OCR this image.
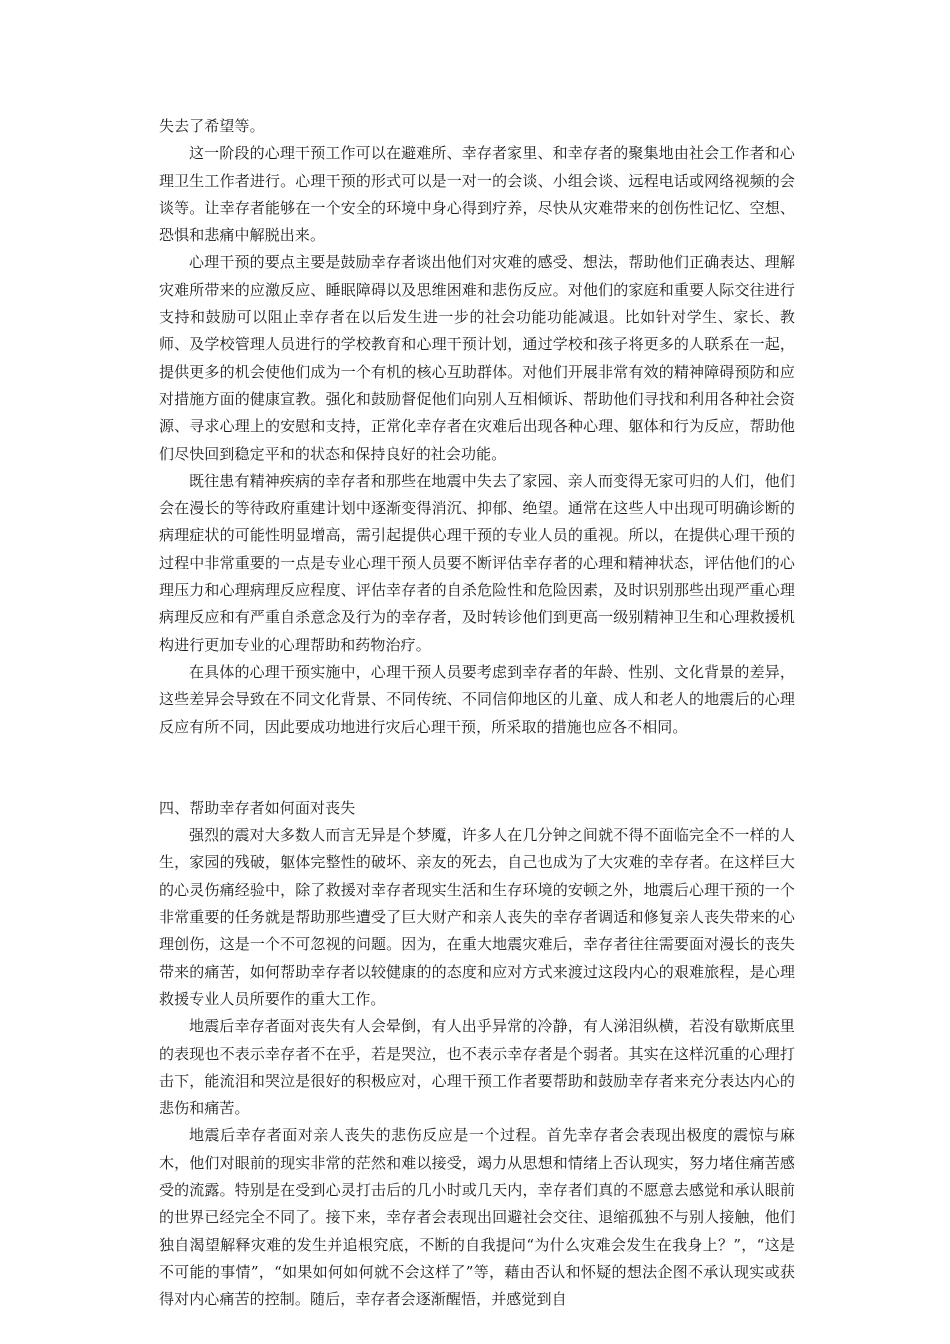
失去了希望等。

这一阶段的心理干预工作可以在避难所、幸存者家里、和幸存者的聚集地由社会工作者和心理卫生工作者进行。心理干预的形式可以是一对一的会谈、小组会谈、远程电话或网络视频的会谈等。让幸存者能够在一个安全的环境中身心得到疗养，尽快从灾难带来的创伤性记忆、空想、恐惧和悲痛中解脱出来。

心理干预的要点主要是鼓励幸存者谈出他们对灾难的感受、想法，帮助他们正确表达、理解灾难所带来的应激反应、睡眠障碍以及思维困难和悲伤反应。对他们的家庭和重要人际交往进行支持和鼓励可以阻止幸存者在以后发生进一步的社会功能功能减退。比如针对学生、家长、教师、及学校管理人员进行的学校教育和心理干预计划，通过学校和孩子将更多的人联系在一起，提供更多的机会使他们成为一个有机的核心互助群体。对他们开展非常有效的精神障碍预防和应对措施方面的健康宣教。强化和鼓励督促他们向别人互相倾诉、帮助他们寻找和利用各种社会资源、寻求心理上的安慰和支持，正常化幸存者在灾难后出现各种心理、躯体和行为反应，帮助他们尽快回到稳定平和的状态和保持良好的社会功能。

既往患有精神疾病的幸存者和那些在地震中失去了家园、亲人而变得无家可归的人们，他们会在漫长的等待政府重建计划中逐渐变得消沉、抑郁、绝望。通常在这些人中出现可明确诊断的病理症状的可能性明显增高，需引起提供心理干预的专业人员的重视。所以，在提供心理干预的过程中非常重要的一点是专业心理干预人员要不断评估幸存者的心理和精神状态，评估他们的心理压力和心理病理反应程度、评估幸存者的自杀危险性和危险因素，及时识别那些出现严重心理病理反应和有严重自杀意念及行为的幸存者，及时转诊他们到更高一级别精神卫生和心理救援机构进行更加专业的心理帮助和药物治疗。

在具体的心理干预实施中，心理干预人员要考虑到幸存者的年龄、性别、文化背景的差异，这些差异会导致在不同文化背景、不同传统、不同信仰地区的儿童、成人和老人的地震后的心理反应有所不同，因此要成功地进行灾后心理干预，所采取的措施也应各不相同。

四、帮助幸存者如何面对丧失

强烈的震对大多数人而言无异是个梦魇，许多人在几分钟之间就不得不面临完全不一样的人生，家园的残破，躯体完整性的破坏、亲友的死去，自己也成为了大灾难的幸存者。在这样巨大的心灵伤痛经验中，除了救援对幸存者现实生活和生存环境的安顿之外，地震后心理干预的一个非常重要的任务就是帮助那些遭受了巨大财产和亲人丧失的幸存者调适和修复亲人丧失带来的心理创伤，这是一个不可忽视的问题。因为，在重大地震灾难后，幸存者往往需要面对漫长的丧失带来的痛苦，如何帮助幸存者以较健康的的态度和应对方式来渡过这段内心的艰难旅程，是心理救援专业人员所要作的重大工作。

地震后幸存者面对丧失有人会晕倒，有人出乎异常的冷静，有人涕泪纵横，若没有歇斯底里的表现也不表示幸存者不在乎，若是哭泣，也不表示幸存者是个弱者。其实在这样沉重的心理打击下，能流泪和哭泣是很好的积极应对，心理干预工作者要帮助和鼓励幸存者来充分表达内心的悲伤和痛苦。

地震后幸存者面对亲人丧失的悲伤反应是一个过程。首先幸存者会表现出极度的震惊与麻木，他们对眼前的现实非常的茫然和难以接受，竭力从思想和情绪上否认现实，努力堵住痛苦感受的流露。特别是在受到心灵打击后的几小时或几天内，幸存者们真的不愿意去感觉和承认眼前的世界已经完全不同了。接下来，幸存者会表现出回避社会交往、退缩孤独不与别人接触，他们独自渴望解释灾难的发生并追根究底，不断的自我提问“为什么灾难会发生在我身上？”，“这是不可能的事情”，“如果如何如何就不会这样了”等，藉由否认和怀疑的想法企图不承认现实或获得对内心痛苦的控制。随后，幸存者会逐渐醒悟，并感觉到自
